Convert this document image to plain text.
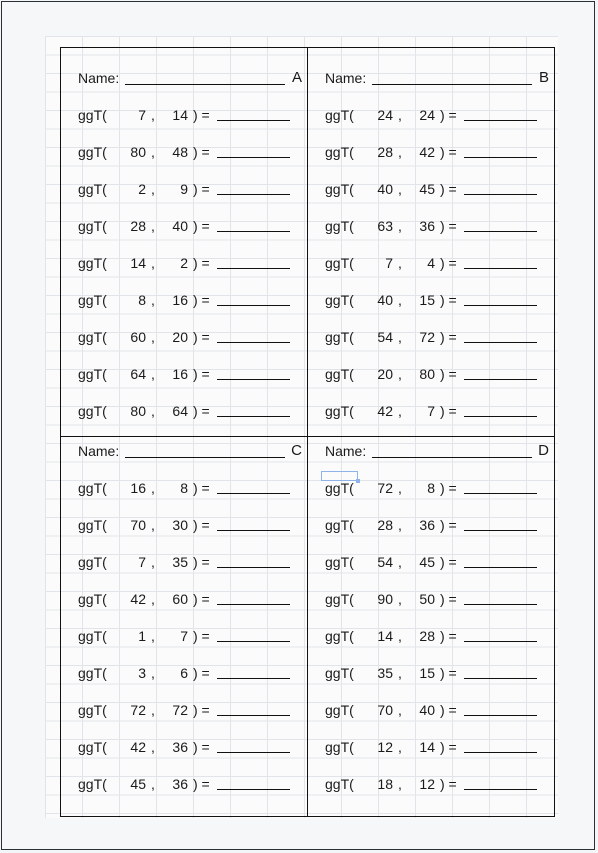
Name:	A
ggT(	7 ,	14 ) =
ggT(	80 ,	48 ) =
ggT(	2 ,	9 ) =
ggT(	28 ,	40 ) =
ggT(	14 ,	2 ) =
ggT(	8 ,	16 ) =
ggT(	60 ,	20 ) =
ggT(	64 ,	16 ) =
ggT(	80 ,	64 ) =
Name:	B
ggT(	24 ,	24 ) =
ggT(	28 ,	42 ) =
ggT(	40 ,	45 ) =
ggT(	63 ,	36 ) =
ggT(	7 ,	4 ) =
ggT(	40 ,	15 ) =
ggT(	54 ,	72 ) =
ggT(	20 ,	80 ) =
ggT(	42 ,	7 ) =
Name:	C
ggT(	16 ,	8 ) =
ggT(	70 ,	30 ) =
ggT(	7 ,	35 ) =
ggT(	42 ,	60 ) =
ggT(	1 ,	7 ) =
ggT(	3 ,	6 ) =
ggT(	72 ,	72 ) =
ggT(	42 ,	36 ) =
ggT(	45 ,	36 ) =
Name:	D
ggT(	72 ,	8 ) =
ggT(	28 ,	36 ) =
ggT(	54 ,	45 ) =
ggT(	90 ,	50 ) =
ggT(	14 ,	28 ) =
ggT(	35 ,	15 ) =
ggT(	70 ,	40 ) =
ggT(	12 ,	14 ) =
ggT(	18 ,	12 ) =
